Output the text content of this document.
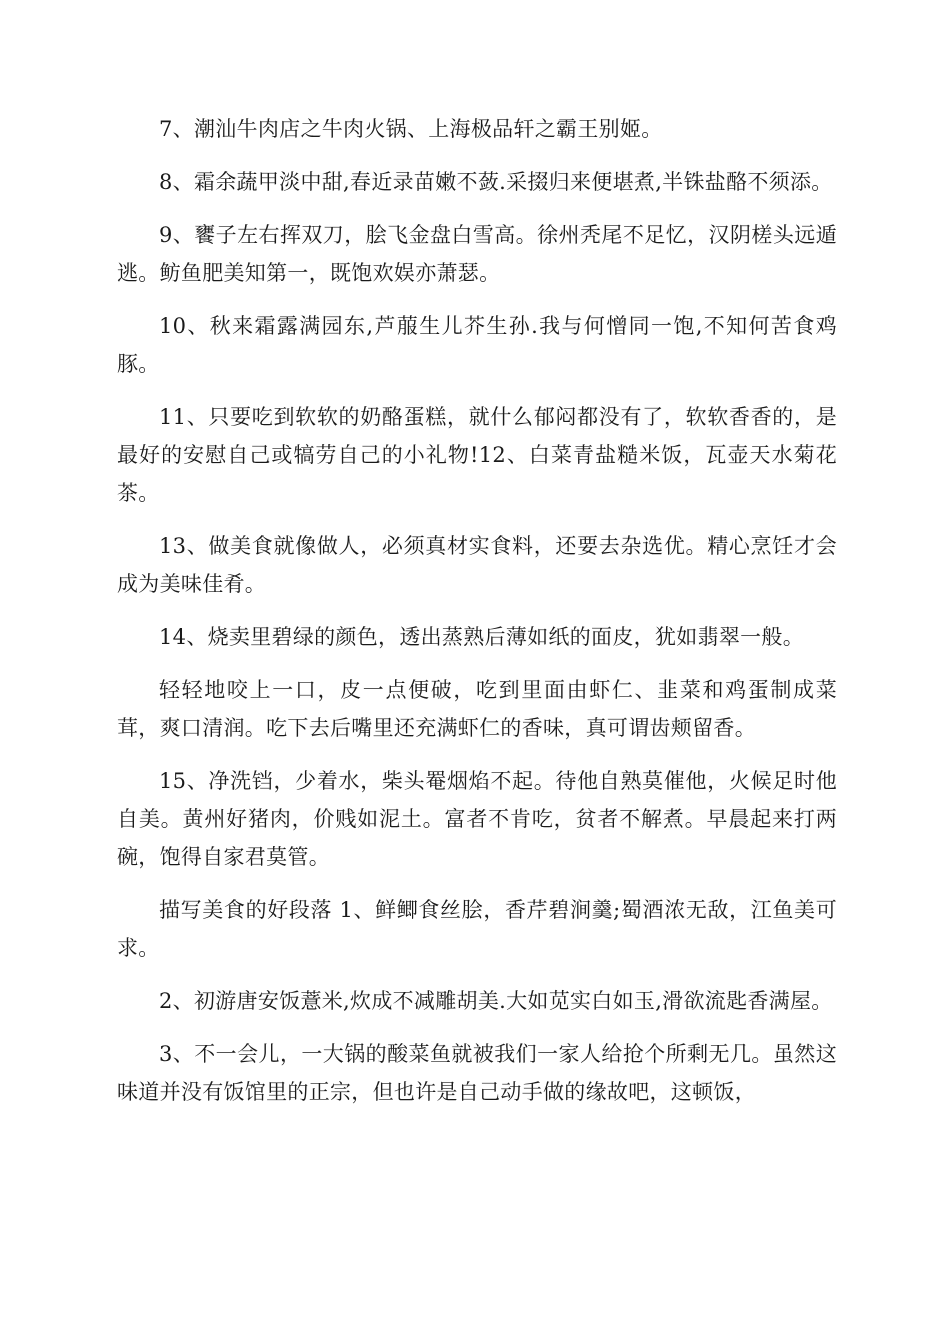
7、潮汕牛肉店之牛肉火锅、上海极品轩之霸王别姬。

8、霜余蔬甲淡中甜,春近录苗嫩不蔹.采掇归来便堪煮,半铢盐酪不须添。

9、饔子左右挥双刀，脍飞金盘白雪高。徐州秃尾不足忆，汉阴槎头远遁逃。鲂鱼肥美知第一，既饱欢娱亦萧瑟。

10、秋来霜露满园东,芦菔生儿芥生孙.我与何憎同一饱,不知何苦食鸡豚。

11、只要吃到软软的奶酪蛋糕，就什么郁闷都没有了，软软香香的，是最好的安慰自己或犒劳自己的小礼物!12、白菜青盐糙米饭，瓦壶天水菊花茶。

13、做美食就像做人，必须真材实食料，还要去杂选优。精心烹饪才会成为美味佳肴。

14、烧卖里碧绿的颜色，透出蒸熟后薄如纸的面皮，犹如翡翠一般。

轻轻地咬上一口，皮一点便破，吃到里面由虾仁、韭菜和鸡蛋制成菜茸，爽口清润。吃下去后嘴里还充满虾仁的香味，真可谓齿颊留香。

15、净洗铛，少着水，柴头罨烟焰不起。待他自熟莫催他，火候足时他自美。黄州好猪肉，价贱如泥土。富者不肯吃，贫者不解煮。早晨起来打两碗，饱得自家君莫管。

描写美食的好段落 1、鲜鲫食丝脍，香芹碧涧羹;蜀酒浓无敌，江鱼美可求。

2、初游唐安饭薏米,炊成不减雕胡美.大如苋实白如玉,滑欲流匙香满屋。

3、不一会儿，一大锅的酸菜鱼就被我们一家人给抢个所剩无几。虽然这味道并没有饭馆里的正宗，但也许是自己动手做的缘故吧，这顿饭，
